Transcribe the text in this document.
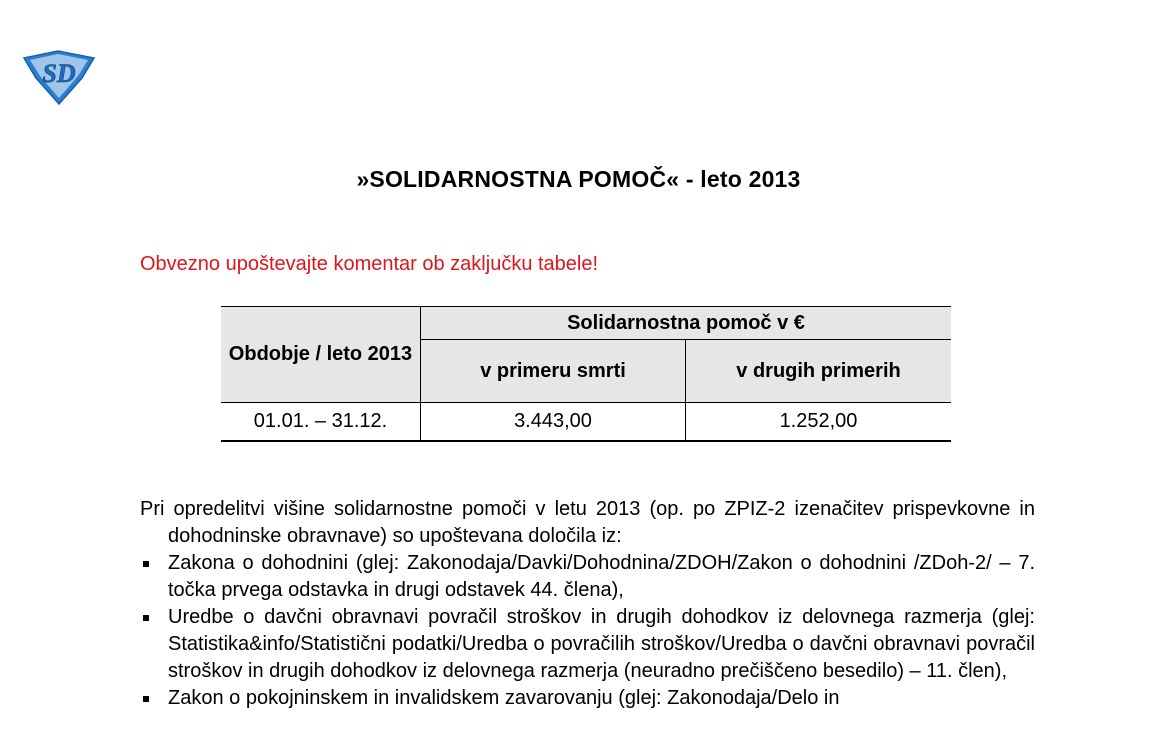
SD
»SOLIDARNOSTNA POMOČ« - leto 2013
Obvezno upoštevajte komentar ob zaključku tabele!
Obdobje / leto 2013	Solidarnostna pomoč v €	
	v primeru smrti	v drugih primerih
01.01. – 31.12.	3.443,00	1.252,00

Pri opredelitvi višine solidarnostne pomoči v letu 2013 (op. po ZPIZ-2 izenačitev prispevkovne in dohodninske obravnave) so upoštevana določila iz:

Zakona o dohodnini (glej: Zakonodaja/Davki/Dohodnina/ZDOH/Zakon o dohodnini /ZDoh-2/ – 7. točka prvega odstavka in drugi odstavek 44. člena),
Uredbe o davčni obravnavi povračil stroškov in drugih dohodkov iz delovnega razmerja (glej: Statistika&info/Statistični podatki/Uredba o povračilih stroškov/Uredba o davčni obravnavi povračil stroškov in drugih dohodkov iz delovnega razmerja (neuradno prečiščeno besedilo) – 11. člen),
Zakon o pokojninskem in invalidskem zavarovanju (glej: Zakonodaja/Delo in
